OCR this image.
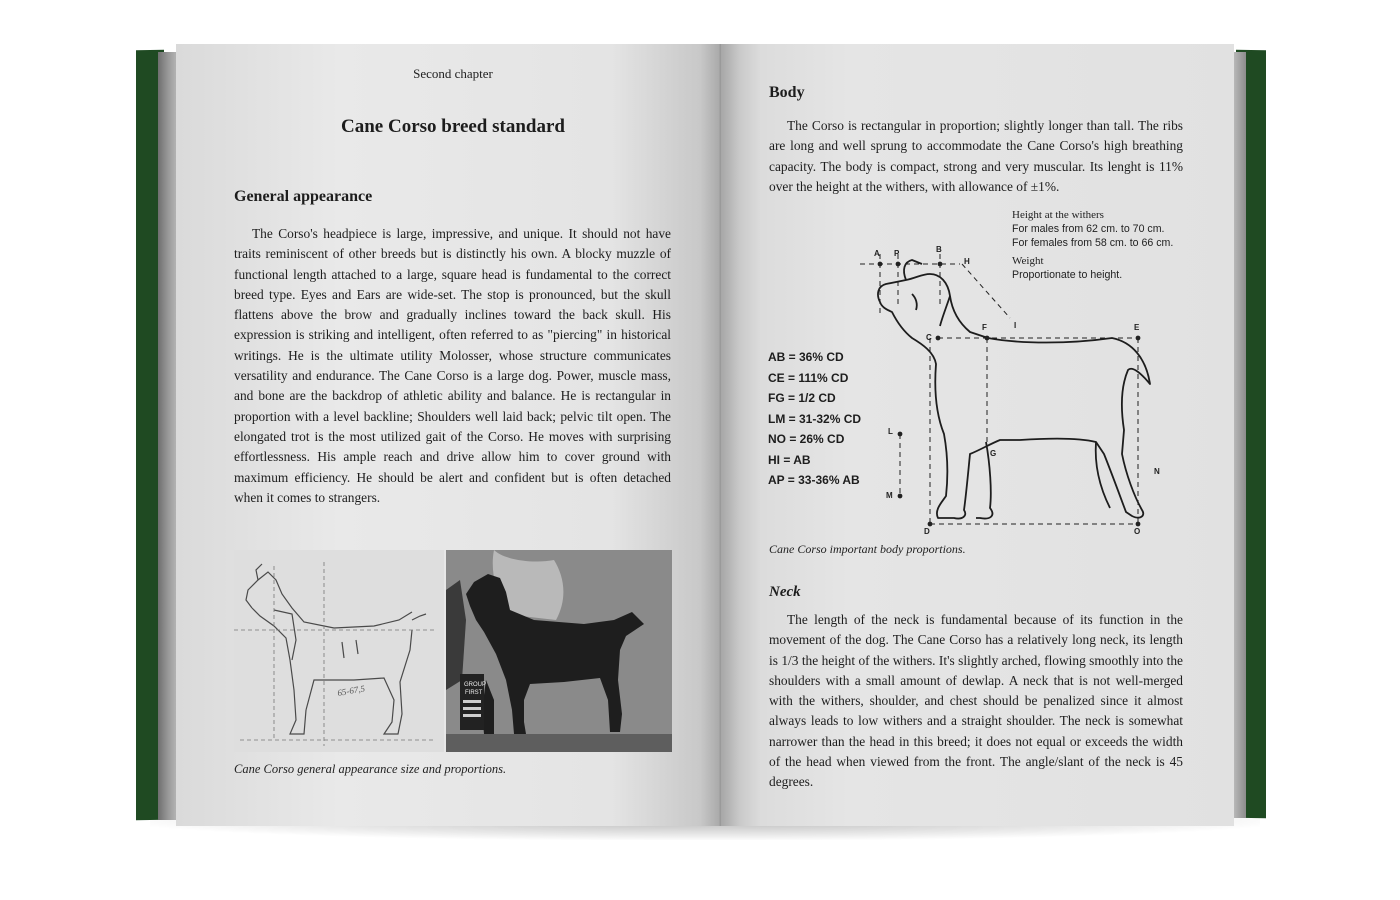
Second chapter
Cane Corso breed standard
General appearance

The Corso's headpiece is large, impressive, and unique. It should not have traits reminiscent of other breeds but is distinctly his own. A blocky muzzle of functional length attached to a large, square head is fundamental to the correct breed type. Eyes and Ears are wide-set. The stop is pronounced, but the skull flattens above the brow and gradually inclines toward the back skull. His expression is striking and intelligent, often referred to as "piercing" in historical writings. He is the ultimate utility Molosser, whose structure communicates versatility and endurance. The Cane Corso is a large dog. Power, muscle mass, and bone are the backdrop of athletic ability and balance. He is rectangular in proportion with a level backline; Shoulders well laid back; pelvic tilt open. The elongated trot is the most utilized gait of the Corso. He moves with surprising effortlessness. His ample reach and drive allow him to cover ground with maximum efficiency. He should be alert and confident but is often detached when it comes to strangers.

65-67,5	GROUP
FIRST
Cane Corso general appearance size and proportions.
Body

The Corso is rectangular in proportion; slightly longer than tall. The ribs are long and well sprung to accommodate the Cane Corso's high breathing capacity. The body is compact, strong and very muscular. Its lenght is 11% over the height at the withers, with allowance of ±1%.

Height at the withers
For males from 62 cm. to 70 cm.
For females from 58 cm. to 66 cm.
Weight
Proportionate to height.
AB = 36% CD
CE = 111% CD
FG = 1/2 CD
LM = 31-32% CD
NO = 26% CD
HI = AB
AP = 33-36% AB
A P	B
H
I
F
C
E
L
G
M
N
D	O
Cane Corso important body proportions.
Neck

The length of the neck is fundamental because of its function in the movement of the dog. The Cane Corso has a relatively long neck, its length is 1/3 the height of the withers. It's slightly arched, flowing smoothly into the shoulders with a small amount of dewlap. A neck that is not well-merged with the withers, shoulder, and chest should be penalized since it almost always leads to low withers and a straight shoulder. The neck is somewhat narrower than the head in this breed; it does not equal or exceeds the width of the head when viewed from the front. The angle/slant of the neck is 45 degrees.
